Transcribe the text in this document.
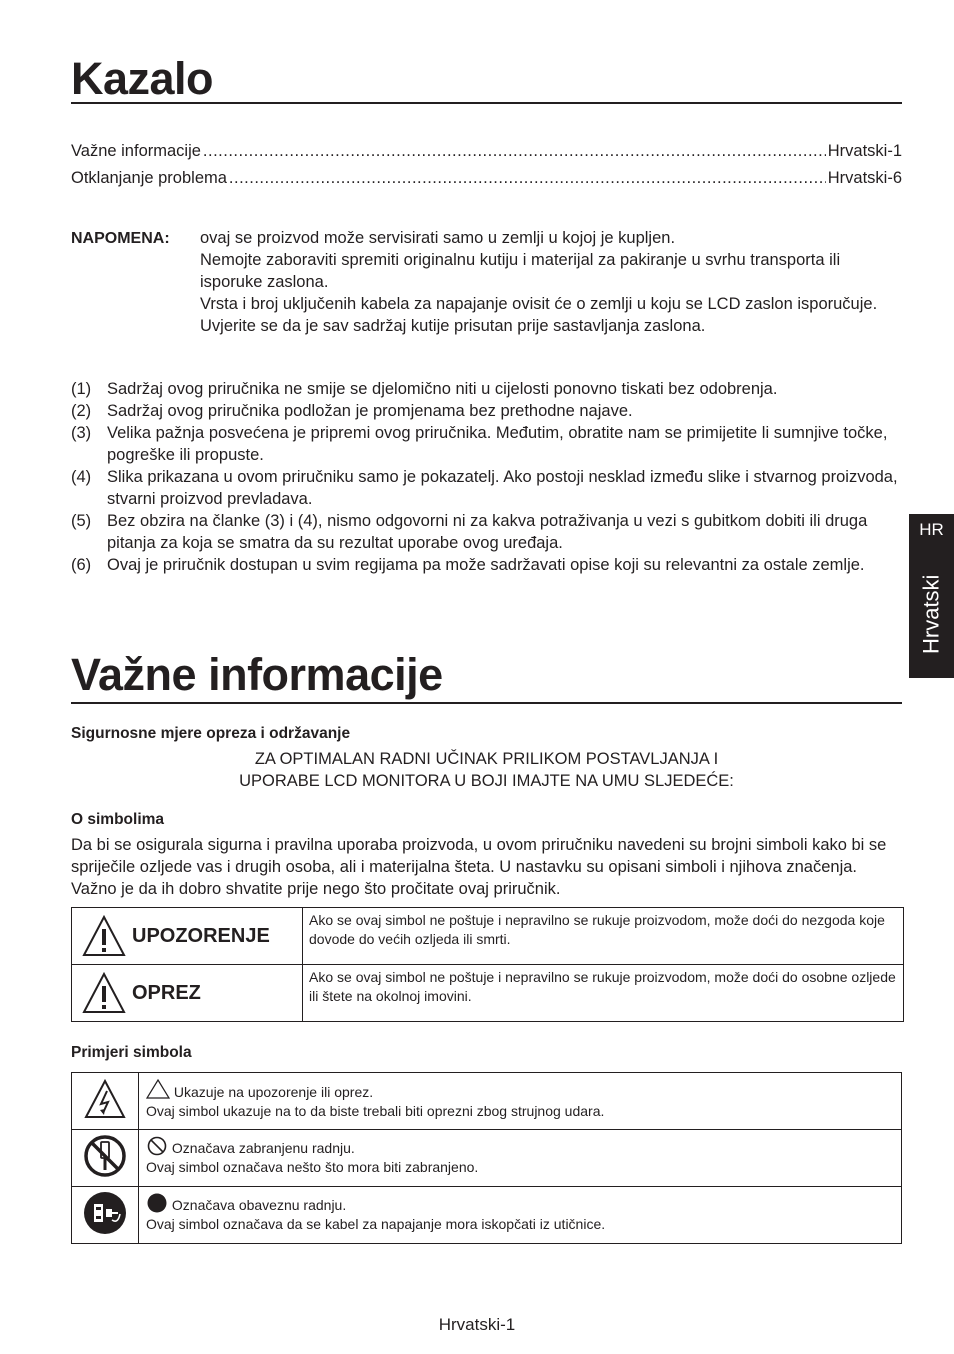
Kazalo
Važne informacije .....	Hrvatski-1
Otklanjanje problema .....	Hrvatski-6
NAPOMENA: ovaj se proizvod može servisirati samo u zemlji u kojoj je kupljen.

Nemojte zaboraviti spremiti originalnu kutiju i materijal za pakiranje u svrhu transporta ili isporuke zaslona.

Vrsta i broj uključenih kabela za napajanje ovisit će o zemlji u koju se LCD zaslon isporučuje.

Uvjerite se da je sav sadržaj kutije prisutan prije sastavljanja zaslona.

(1) Sadržaj ovog priručnika ne smije se djelomično niti u cijelosti ponovno tiskati bez odobrenja.
(2) Sadržaj ovog priručnika podložan je promjenama bez prethodne najave.
(3) Velika pažnja posvećena je pripremi ovog priručnika. Međutim, obratite nam se primijetite li sumnjive točke, pogreške ili propuste.
(4) Slika prikazana u ovom priručniku samo je pokazatelj. Ako postoji nesklad između slike i stvarnog proizvoda, stvarni proizvod prevladava.
(5) Bez obzira na članke (3) i (4), nismo odgovorni ni za kakva potraživanja u vezi s gubitkom dobiti ili druga pitanja za koja se smatra da su rezultat uporabe ovog uređaja.
(6) Ovaj je priručnik dostupan u svim regijama pa može sadržavati opise koji su relevantni za ostale zemlje.
HR
Hrvatski
Važne informacije
Sigurnosne mjere opreza i održavanje
ZA OPTIMALAN RADNI UČINAK PRILIKOM POSTAVLJANJA I
UPORABE LCD MONITORA U BOJI IMAJTE NA UMU SLJEDEĆE:
O simbolima
Da bi se osigurala sigurna i pravilna uporaba proizvoda, u ovom priručniku navedeni su brojni simboli kako bi se spriječile ozljede vas i drugih osoba, ali i materijalna šteta. U nastavku su opisani simboli i njihova značenja. Važno je da ih dobro shvatite prije nego što pročitate ovaj priručnik.
UPOZORENJE	Ako se ovaj simbol ne poštuje i nepravilno se rukuje proizvodom, može doći do nezgoda koje dovode do većih ozljeda ili smrti.

OPREZ	Ako se ovaj simbol ne poštuje i nepravilno se rukuje proizvodom, može doći do osobne ozljede ili štete na okolnoj imovini.
Primjeri simbola

Ukazuje na upozorenje ili oprez.
Ovaj simbol ukazuje na to da biste trebali biti oprezni zbog strujnog udara.

Označava zabranjenu radnju.
Ovaj simbol označava nešto što mora biti zabranjeno.

Označava obaveznu radnju.
Ovaj simbol označava da se kabel za napajanje mora iskopčati iz utičnice.
Hrvatski-1
